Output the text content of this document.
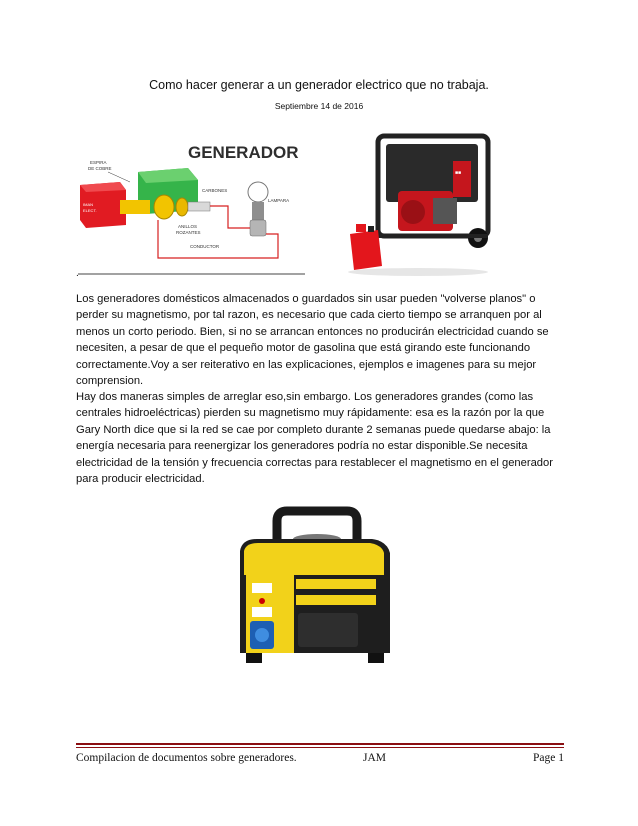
Como hacer generar a un generador electrico que no trabaja.
Septiembre 14 de 2016
GENERADOR
ESPIRA
DE COBRE
IMAN
ELECT.
CARBONES
ANILLOS
ROZANTES
LAMPARA
CONDUCTOR
■■
.

Los generadores domésticos almacenados o guardados sin usar pueden "volverse planos" o perder su magnetismo, por tal razon, es necesario que cada cierto tiempo se arranquen por al menos un corto periodo. Bien, si no se arrancan entonces no producirán electricidad cuando se necesiten, a pesar de que el pequeño motor de gasolina que está girando este funcionando correctamente.Voy a ser reiterativo en las explicaciones, ejemplos e imagenes para su mejor comprension.

Hay dos maneras simples de arreglar eso,sin embargo. Los generadores grandes (como las centrales hidroeléctricas) pierden su magnetismo muy rápidamente: esa es la razón por la que Gary North dice que si la red se cae por completo durante 2 semanas puede quedarse abajo: la energía necesaria para reenergizar los generadores podría no estar disponible.Se necesita electricidad de la tensión y frecuencia correctas para restablecer el magnetismo en el generador para producir electricidad.

Compilacion de documentos sobre generadores.	JAM	Page 1
